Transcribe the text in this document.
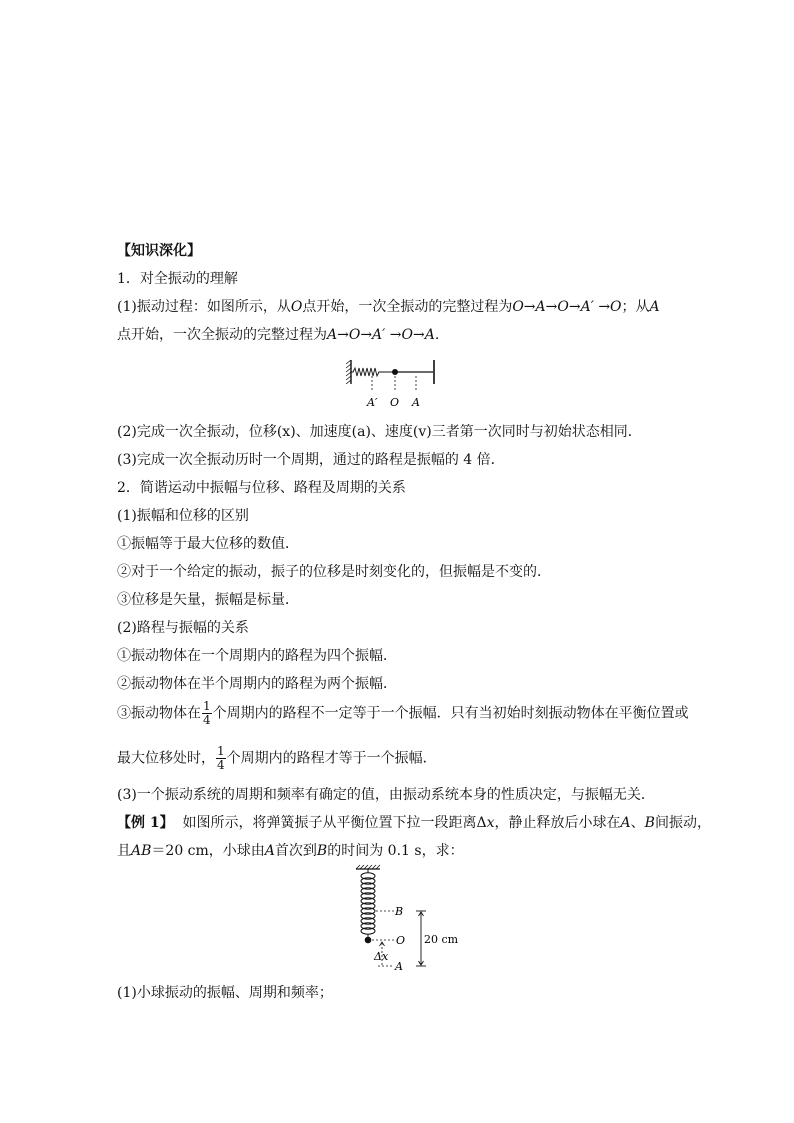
【知识深化】
1．对全振动的理解
(1)振动过程：如图所示，从O点开始，一次全振动的完整过程为O→A→O→A′ →O；从A
点开始，一次全振动的完整过程为A→O→A′ →O→A.
A′ O A
(2)完成一次全振动，位移(x)、加速度(a)、速度(v)三者第一次同时与初始状态相同．
(3)完成一次全振动历时一个周期，通过的路程是振幅的 4 倍．
2．简谐运动中振幅与位移、路程及周期的关系
(1)振幅和位移的区别
①振幅等于最大位移的数值．
②对于一个给定的振动，振子的位移是时刻变化的，但振幅是不变的．
③位移是矢量，振幅是标量．
(2)路程与振幅的关系
①振动物体在一个周期内的路程为四个振幅．
②振动物体在半个周期内的路程为两个振幅．
③振动物体在 $\frac{1}{4}$ 个周期内的路程不一定等于一个振幅．只有当初始时刻振动物体在平衡位置或
最大位移处时， $\frac{1}{4}$ 个周期内的路程才等于一个振幅．
(3)一个振动系统的周期和频率有确定的值，由振动系统本身的性质决定，与振幅无关．
【例 1】 如图所示，将弹簧振子从平衡位置下拉一段距离Δx，静止释放后小球在A、B间振动，
且AB＝20 cm，小球由A首次到B的时间为 0.1 s，求：
B
O
A
Δx
20 cm
(1)小球振动的振幅、周期和频率；
